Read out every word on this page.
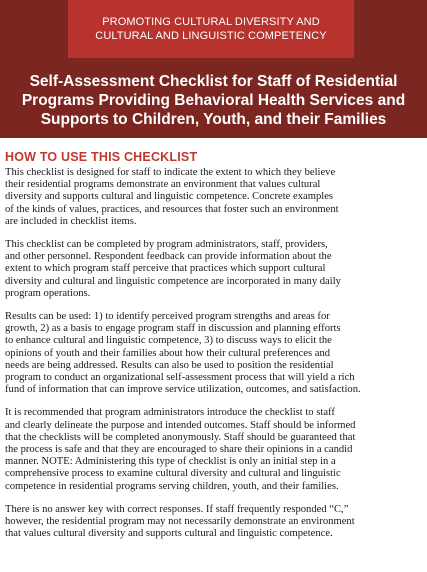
PROMOTING CULTURAL DIVERSITY AND
CULTURAL AND LINGUISTIC COMPETENCY
Self-Assessment Checklist for Staff of Residential
Programs Providing Behavioral Health Services and
Supports to Children, Youth, and their Families
HOW TO USE THIS CHECKLIST

This checklist is designed for staff to indicate the extent to which they believe
their residential programs demonstrate an environment that values cultural
diversity and supports cultural and linguistic competence. Concrete examples
of the kinds of values, practices, and resources that foster such an environment
are included in checklist items.

This checklist can be completed by program administrators, staff, providers,
and other personnel. Respondent feedback can provide information about the
extent to which program staff perceive that practices which support cultural
diversity and cultural and linguistic competence are incorporated in many daily
program operations.

Results can be used: 1) to identify perceived program strengths and areas for
growth, 2) as a basis to engage program staff in discussion and planning efforts
to enhance cultural and linguistic competence, 3) to discuss ways to elicit the
opinions of youth and their families about how their cultural preferences and
needs are being addressed. Results can also be used to position the residential
program to conduct an organizational self-assessment process that will yield a rich
fund of information that can improve service utilization, outcomes, and satisfaction.

It is recommended that program administrators introduce the checklist to staff
and clearly delineate the purpose and intended outcomes. Staff should be informed
that the checklists will be completed anonymously. Staff should be guaranteed that
the process is safe and that they are encouraged to share their opinions in a candid
manner. NOTE: Administering this type of checklist is only an initial step in a
comprehensive process to examine cultural diversity and cultural and linguistic
competence in residential programs serving children, youth, and their families.

There is no answer key with correct responses. If staff frequently responded “C,”
however, the residential program may not necessarily demonstrate an environment
that values cultural diversity and supports cultural and linguistic competence.
